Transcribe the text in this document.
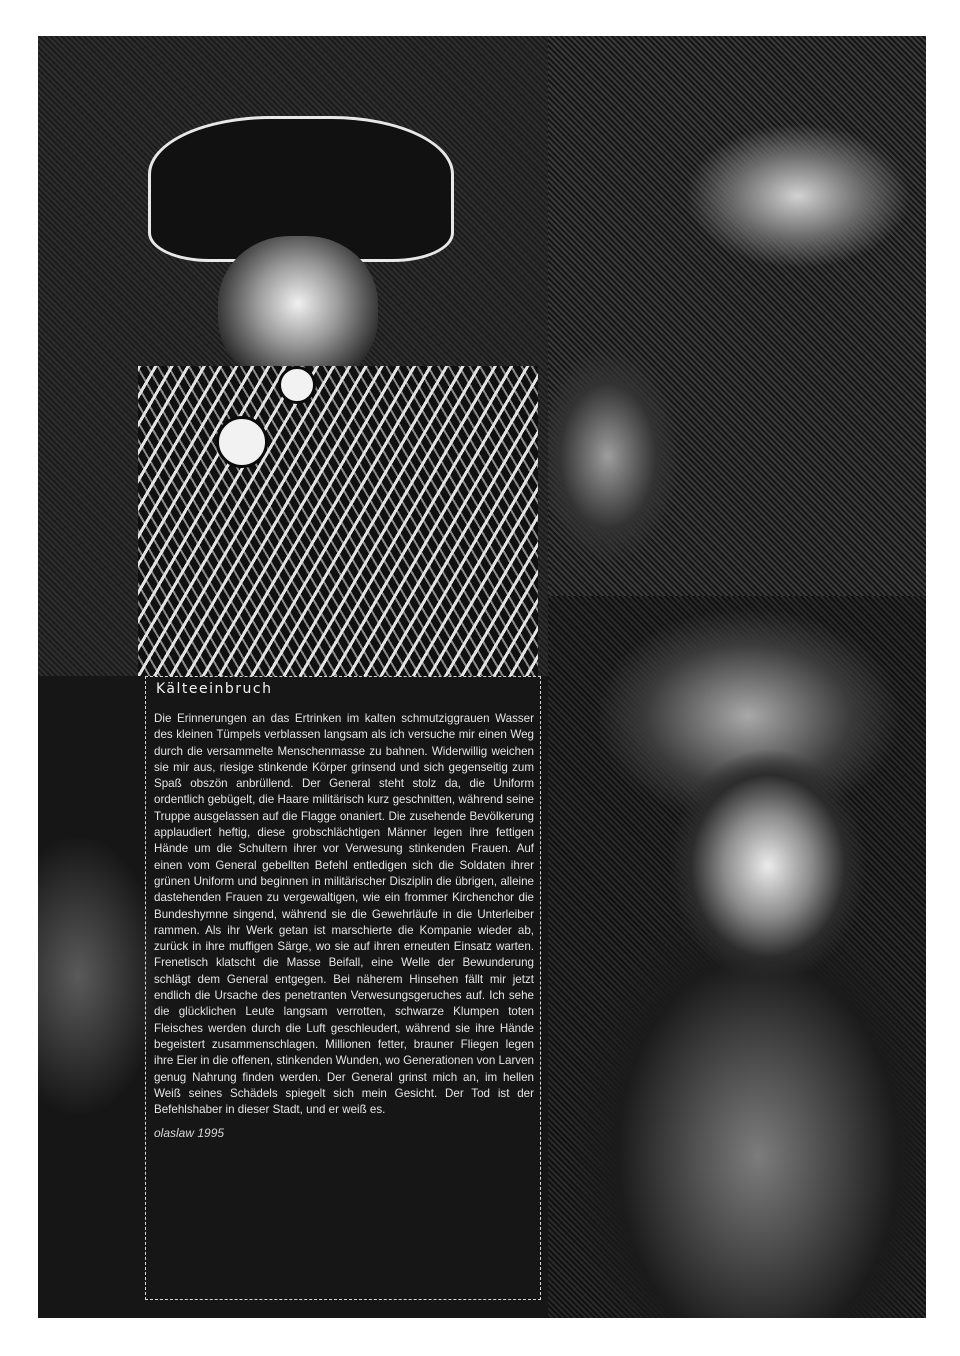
Kälteeinbruch

Die Erinnerungen an das Ertrinken im kalten schmutziggrauen Wasser des kleinen Tümpels verblassen langsam als ich versuche mir einen Weg durch die versammelte Menschenmasse zu bahnen. Widerwillig weichen sie mir aus, riesige stinkende Körper grinsend und sich gegenseitig zum Spaß obszön anbrüllend. Der General steht stolz da, die Uniform ordentlich gebügelt, die Haare militärisch kurz geschnitten, während seine Truppe ausgelassen auf die Flagge onaniert. Die zusehende Bevölkerung applaudiert heftig, diese grobschlächtigen Männer legen ihre fettigen Hände um die Schultern ihrer vor Verwesung stinkenden Frauen. Auf einen vom General gebellten Befehl entledigen sich die Soldaten ihrer grünen Uniform und beginnen in militärischer Disziplin die übrigen, alleine dastehenden Frauen zu vergewaltigen, wie ein frommer Kirchenchor die Bundeshymne singend, während sie die Gewehrläufe in die Unterleiber rammen. Als ihr Werk getan ist marschierte die Kompanie wieder ab, zurück in ihre muffigen Särge, wo sie auf ihren erneuten Einsatz warten. Frenetisch klatscht die Masse Beifall, eine Welle der Bewunderung schlägt dem General entgegen. Bei näherem Hinsehen fällt mir jetzt endlich die Ursache des penetranten Verwesungsgeruches auf. Ich sehe die glücklichen Leute langsam verrotten, schwarze Klumpen toten Fleisches werden durch die Luft geschleudert, während sie ihre Hände begeistert zusammenschlagen. Millionen fetter, brauner Fliegen legen ihre Eier in die offenen, stinkenden Wunden, wo Generationen von Larven genug Nahrung finden werden. Der General grinst mich an, im hellen Weiß seines Schädels spiegelt sich mein Gesicht. Der Tod ist der Befehlshaber in dieser Stadt, und er weiß es.

olaslaw 1995
